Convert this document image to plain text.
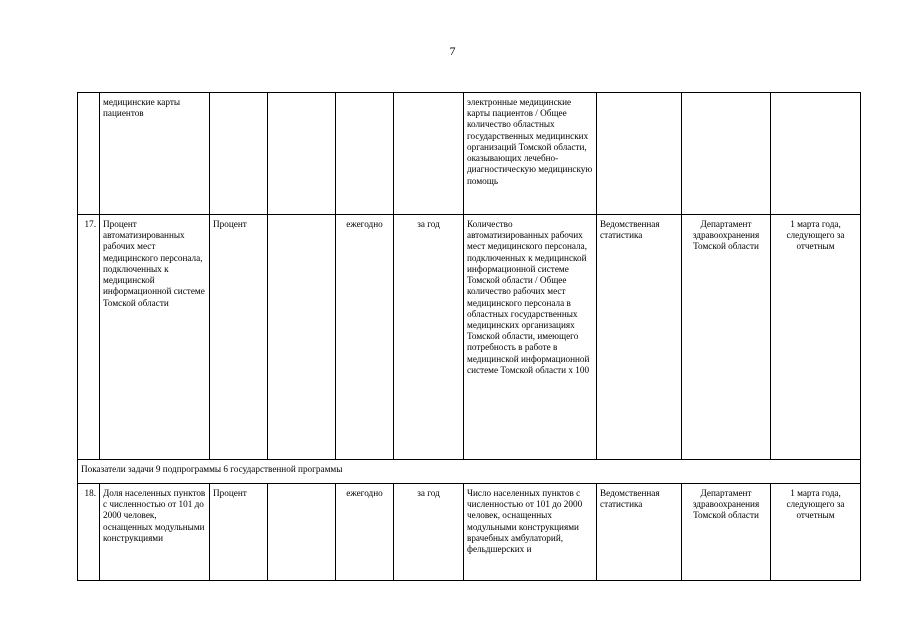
7
	медицинские карты пациентов					электронные медицинские карты пациентов / Общее количество областных государственных медицинских организаций Томской области, оказывающих лечебно-диагностическую медицинскую помощь			
17.	Процент автоматизированных рабочих мест медицинского персонала, подключенных к медицинской информационной системе Томской области	Процент		ежегодно	за год	Количество автоматизированных рабочих мест медицинского персонала, подключенных к медицинской информационной системе Томской области / Общее количество рабочих мест медицинского персонала в областных государственных медицинских организациях Томской области, имеющего потребность в работе в медицинской информационной системе Томской области x 100	Ведомственная статистика	Департамент здравоохранения Томской области	1 марта года, следующего за отчетным
Показатели задачи 9 подпрограммы 6 государственной программы									
18.	Доля населенных пунктов с численностью от 101 до 2000 человек, оснащенных модульными конструкциями	Процент		ежегодно	за год	Число населенных пунктов с численностью от 101 до 2000 человек, оснащенных модульными конструкциями врачебных амбулаторий, фельдшерских и	Ведомственная статистика	Департамент здравоохранения Томской области	1 марта года, следующего за отчетным
